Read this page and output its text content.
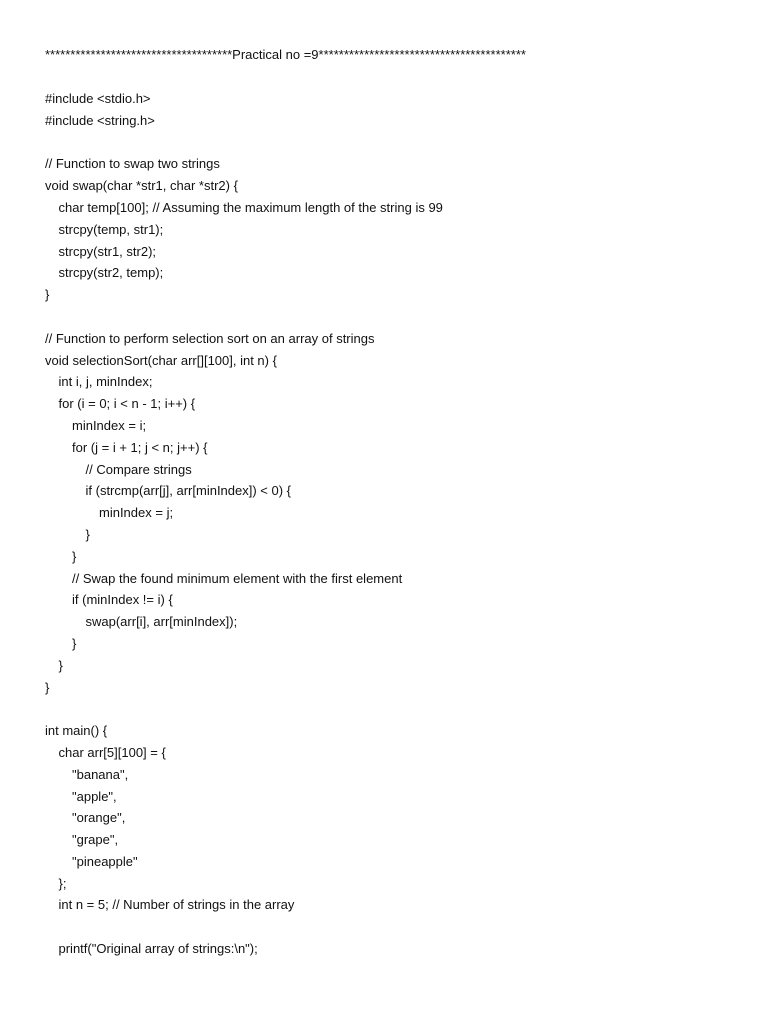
*************************************Practical no =9*****************************************
#include <stdio.h>
#include <string.h>
// Function to swap two strings
void swap(char *str1, char *str2) {
char temp[100]; // Assuming the maximum length of the string is 99
strcpy(temp, str1);
strcpy(str1, str2);
strcpy(str2, temp);
}
// Function to perform selection sort on an array of strings
void selectionSort(char arr[][100], int n) {
int i, j, minIndex;
for (i = 0; i < n - 1; i++) {
minIndex = i;
for (j = i + 1; j < n; j++) {
// Compare strings
if (strcmp(arr[j], arr[minIndex]) < 0) {
minIndex = j;
}
}
// Swap the found minimum element with the first element
if (minIndex != i) {
swap(arr[i], arr[minIndex]);
}
}
}
int main() {
char arr[5][100] = {
"banana",
"apple",
"orange",
"grape",
"pineapple"
};
int n = 5; // Number of strings in the array
printf("Original array of strings:\n");
